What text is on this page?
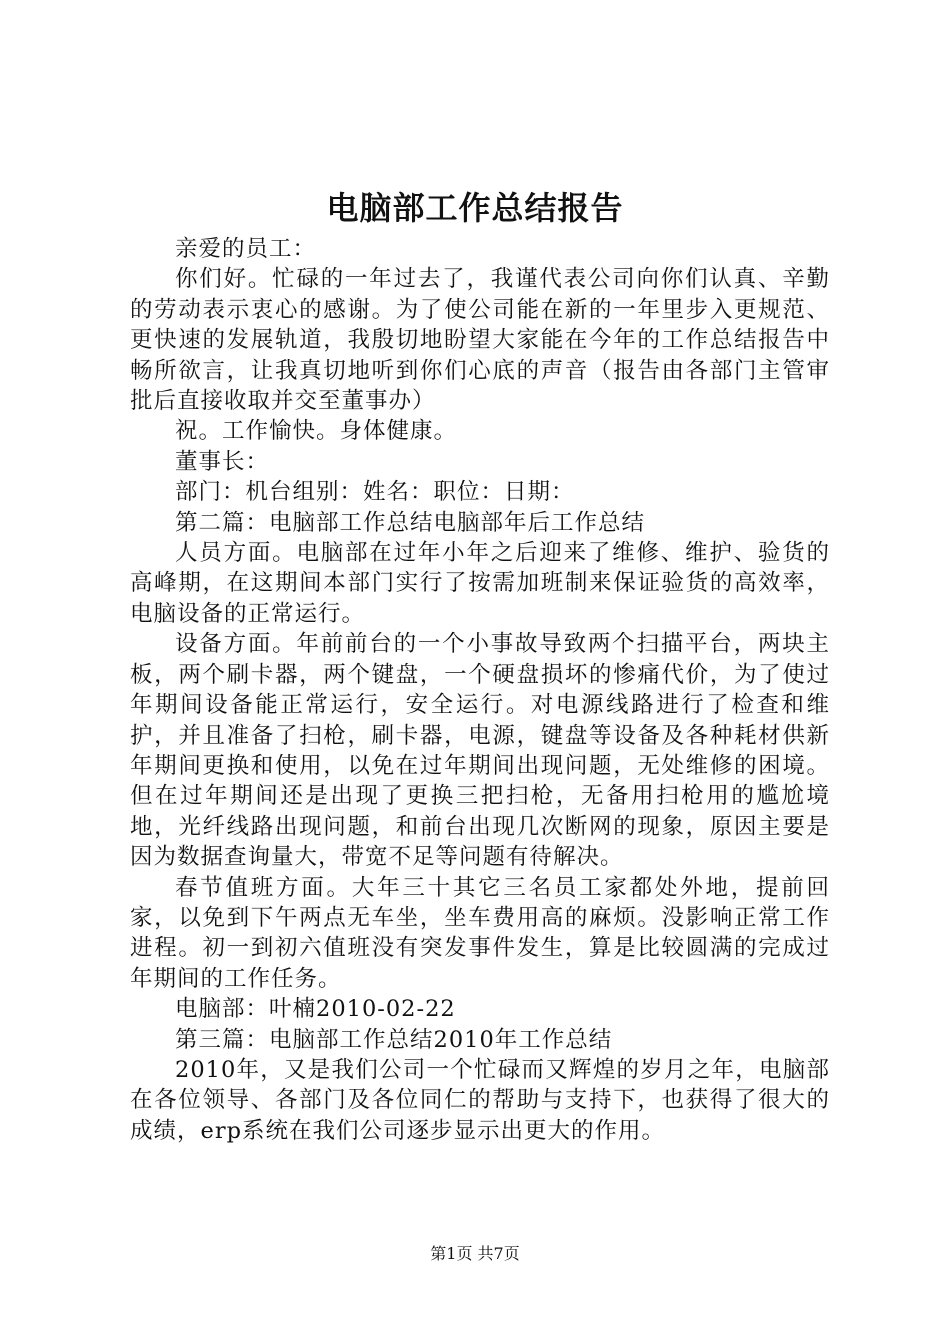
电脑部工作总结报告

亲爱的员工：

你们好。忙碌的一年过去了，我谨代表公司向你们认真、辛勤的劳动表示衷心的感谢。为了使公司能在新的一年里步入更规范、更快速的发展轨道，我殷切地盼望大家能在今年的工作总结报告中畅所欲言，让我真切地听到你们心底的声音（报告由各部门主管审批后直接收取并交至董事办）

祝。工作愉快。身体健康。

董事长：

部门：机台组别：姓名：职位：日期：

第二篇：电脑部工作总结电脑部年后工作总结

人员方面。电脑部在过年小年之后迎来了维修、维护、验货的高峰期，在这期间本部门实行了按需加班制来保证验货的高效率，电脑设备的正常运行。

设备方面。年前前台的一个小事故导致两个扫描平台，两块主板，两个刷卡器，两个键盘，一个硬盘损坏的惨痛代价，为了使过年期间设备能正常运行，安全运行。对电源线路进行了检查和维护，并且准备了扫枪，刷卡器，电源，键盘等设备及各种耗材供新年期间更换和使用，以免在过年期间出现问题，无处维修的困境。但在过年期间还是出现了更换三把扫枪，无备用扫枪用的尴尬境地，光纤线路出现问题，和前台出现几次断网的现象，原因主要是因为数据查询量大，带宽不足等问题有待解决。

春节值班方面。大年三十其它三名员工家都处外地，提前回家，以免到下午两点无车坐，坐车费用高的麻烦。没影响正常工作进程。初一到初六值班没有突发事件发生，算是比较圆满的完成过年期间的工作任务。

电脑部：叶楠2010-02-22

第三篇：电脑部工作总结2010年工作总结

2010年，又是我们公司一个忙碌而又辉煌的岁月之年，电脑部在各位领导、各部门及各位同仁的帮助与支持下，也获得了很大的成绩，erp系统在我们公司逐步显示出更大的作用。

第1页 共7页
